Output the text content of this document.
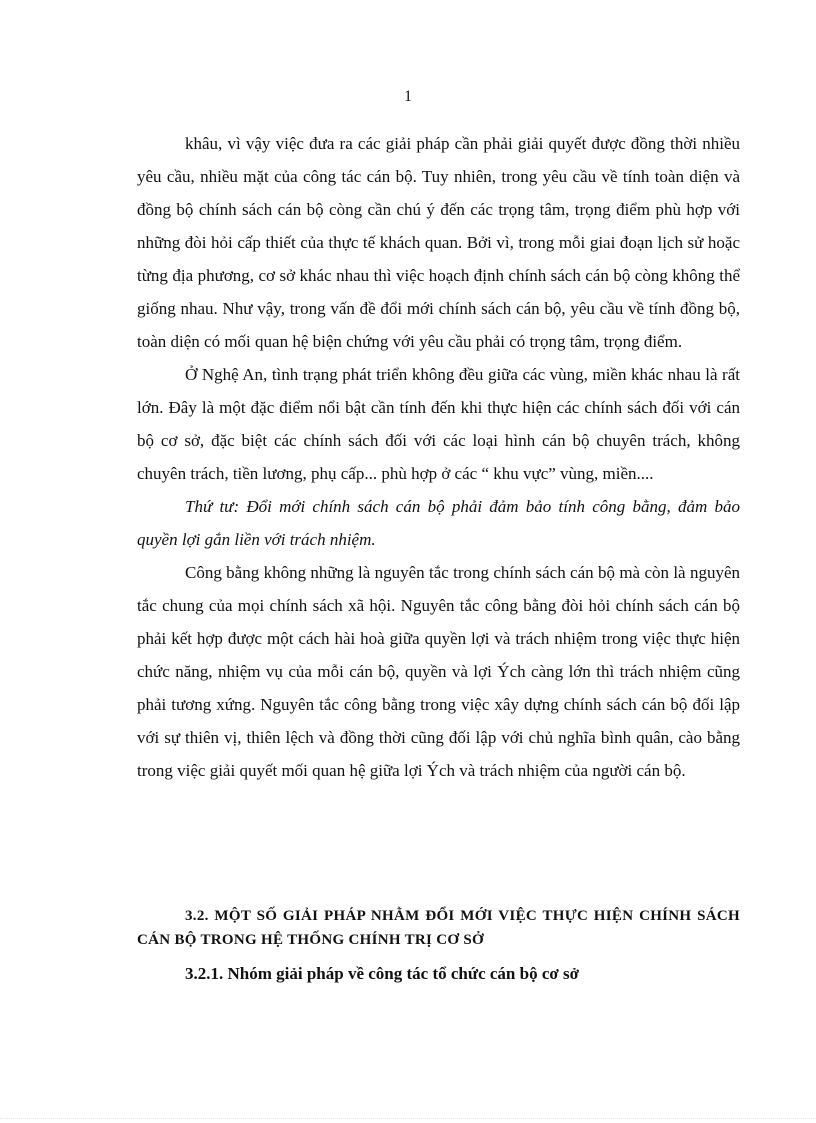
1

khâu, vì vậy việc đưa ra các giải pháp cần phải giải quyết được đồng thời nhiều yêu cầu, nhiều mặt của công tác cán bộ. Tuy nhiên, trong yêu cầu về tính toàn diện và đồng bộ chính sách cán bộ còng cần chú ý đến các trọng tâm, trọng điểm phù hợp với những đòi hỏi cấp thiết của thực tế khách quan. Bởi vì, trong mỗi giai đoạn lịch sử hoặc từng địa phương, cơ sở khác nhau thì việc hoạch định chính sách cán bộ còng không thể giống nhau. Như vậy, trong vấn đề đổi mới chính sách cán bộ, yêu cầu về tính đồng bộ, toàn diện có mối quan hệ biện chứng với yêu cầu phải có trọng tâm, trọng điểm.

Ở Nghệ An, tình trạng phát triển không đều giữa các vùng, miền khác nhau là rất lớn. Đây là một đặc điểm nổi bật cần tính đến khi thực hiện các chính sách đối với cán bộ cơ sở, đặc biệt các chính sách đối với các loại hình cán bộ chuyên trách, không chuyên trách, tiền lương, phụ cấp... phù hợp ở các “ khu vực” vùng, miền....

Thứ tư: Đổi mới chính sách cán bộ phải đảm bảo tính công bằng, đảm bảo quyền lợi gắn liền với trách nhiệm.

Công bằng không những là nguyên tắc trong chính sách cán bộ mà còn là nguyên tắc chung của mọi chính sách xã hội. Nguyên tắc công bằng đòi hỏi chính sách cán bộ phải kết hợp được một cách hài hoà giữa quyền lợi và trách nhiệm trong việc thực hiện chức năng, nhiệm vụ của mỗi cán bộ, quyền và lợi Ých càng lớn thì trách nhiệm cũng phải tương xứng. Nguyên tắc công bằng trong việc xây dựng chính sách cán bộ đối lập với sự thiên vị, thiên lệch và đồng thời cũng đối lập với chủ nghĩa bình quân, cào bằng trong việc giải quyết mối quan hệ giữa lợi Ých và trách nhiệm của người cán bộ.

3.2. MỘT SỐ GIẢI PHÁP NHẰM ĐỔI MỚI VIỆC THỰC HIỆN CHÍNH SÁCH CÁN BỘ TRONG HỆ THỐNG CHÍNH TRỊ CƠ SỞ

3.2.1. Nhóm giải pháp về công tác tổ chức cán bộ cơ sở
